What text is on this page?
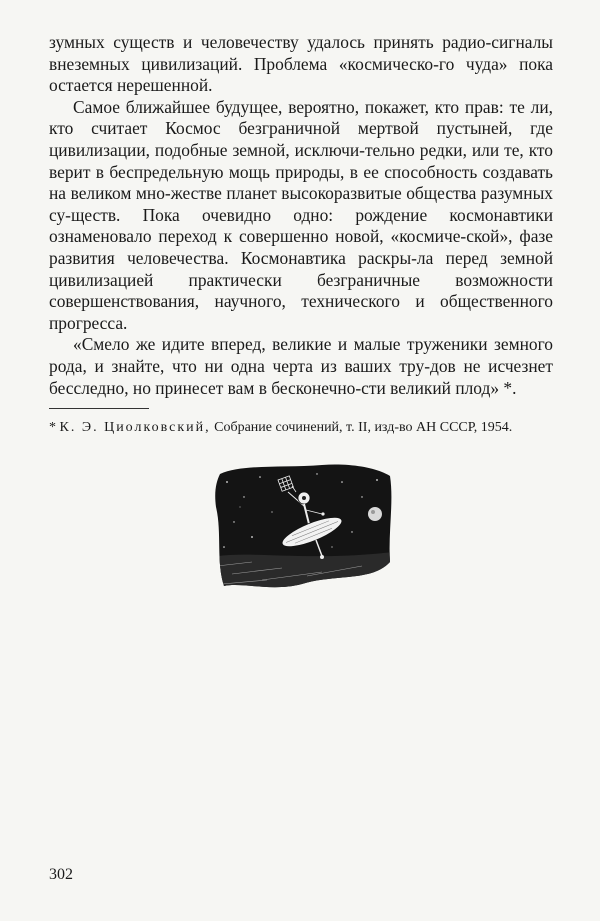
зумных существ и человечеству удалось принять радио-сигналы внеземных цивилизаций. Проблема «космическо-го чуда» пока остается нерешенной.

Самое ближайшее будущее, вероятно, покажет, кто прав: те ли, кто считает Космос безграничной мертвой пустыней, где цивилизации, подобные земной, исключи-тельно редки, или те, кто верит в беспредельную мощь природы, в ее способность создавать на великом мно-жестве планет высокоразвитые общества разумных су-ществ. Пока очевидно одно: рождение космонавтики ознаменовало переход к совершенно новой, «космиче-ской», фазе развития человечества. Космонавтика раскры-ла перед земной цивилизацией практически безграничные возможности совершенствования, научного, технического и общественного прогресса.

«Смело же идите вперед, великие и малые труженики земного рода, и знайте, что ни одна черта из ваших тру-дов не исчезнет бесследно, но принесет вам в бесконечно-сти великий плод» *.

* К. Э. Циолковский, Собрание сочинений, т. II, изд-во АН СССР, 1954.
302
